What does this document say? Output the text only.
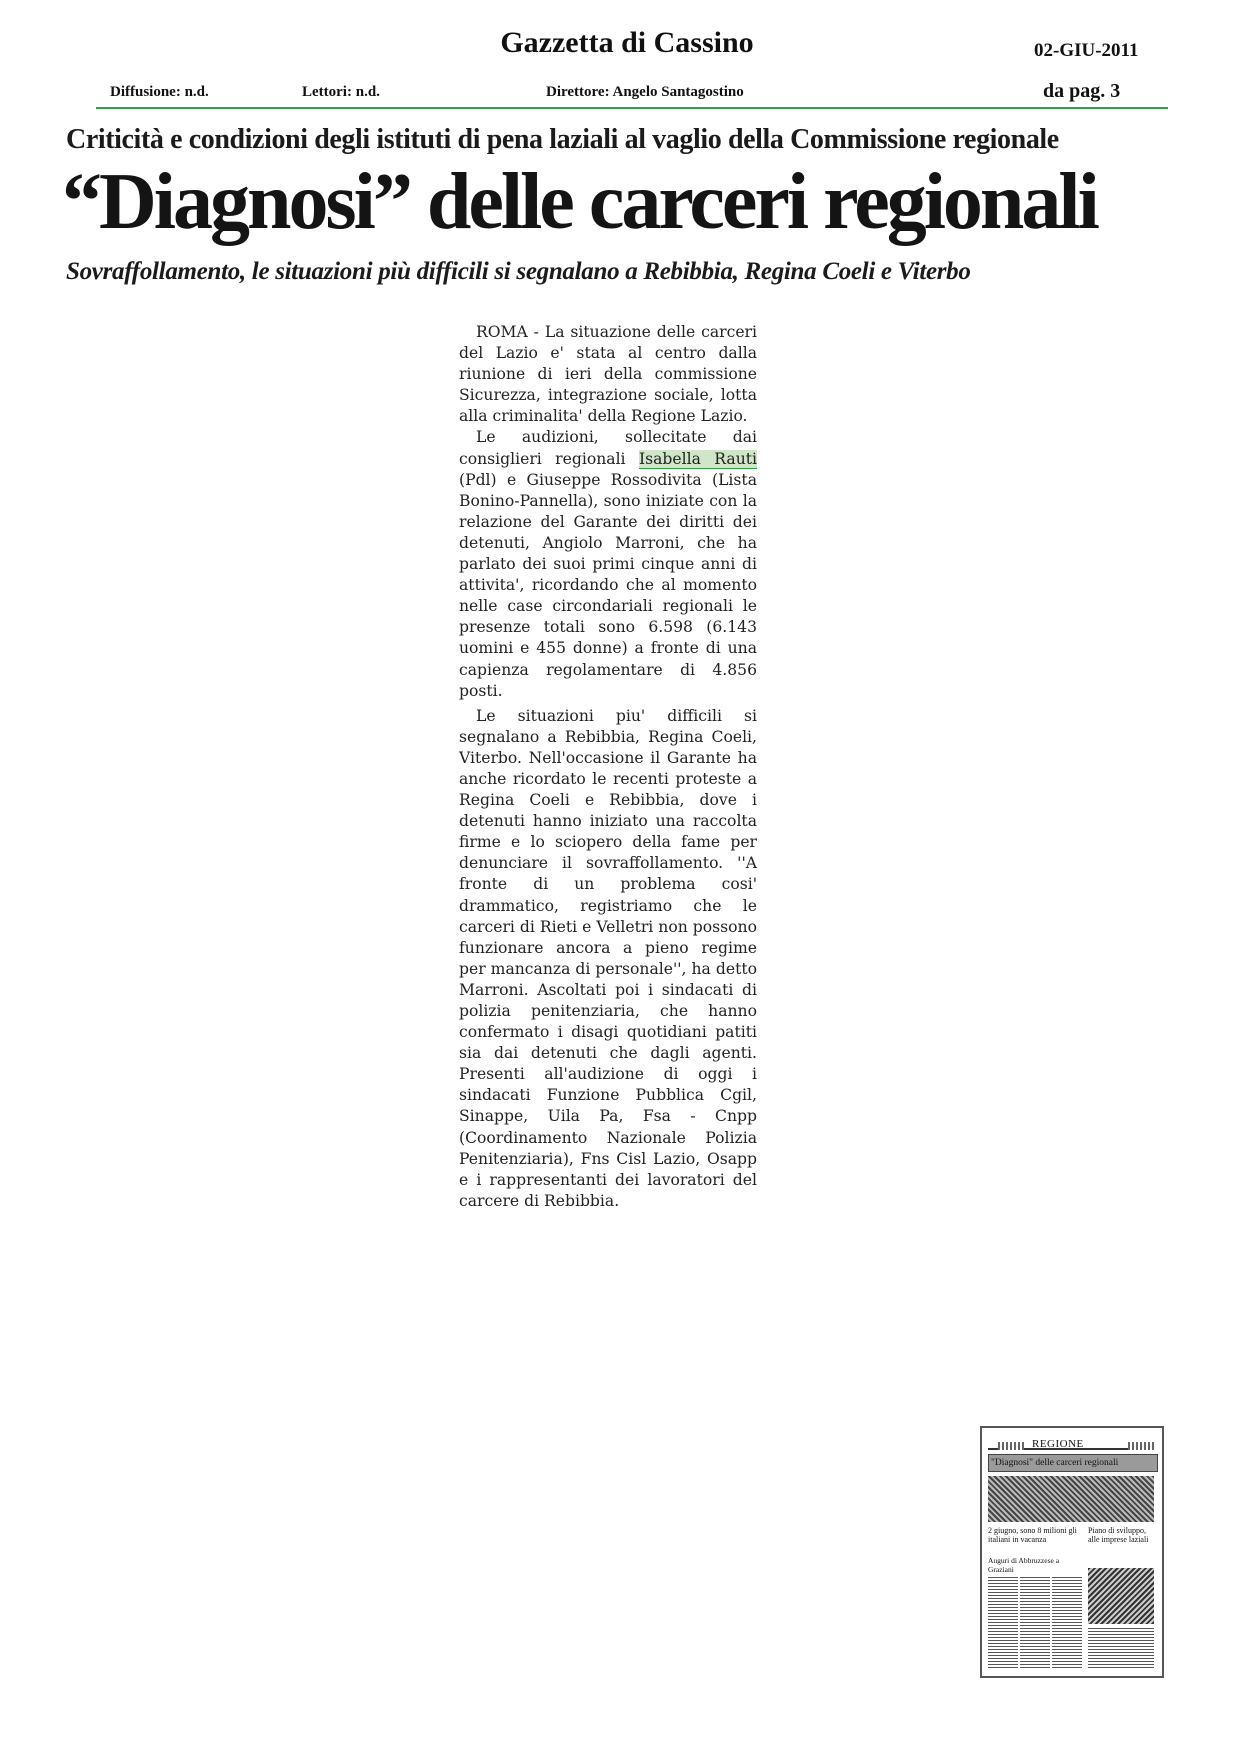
Gazzetta di Cassino	02-GIU-2011
Diffusione: n.d.	Lettori: n.d.	Direttore: Angelo Santagostino	da pag. 3
Criticità e condizioni degli istituti di pena laziali al vaglio della Commissione regionale
“Diagnosi” delle carceri regionali
Sovraffollamento, le situazioni più difficili si segnalano a Rebibbia, Regina Coeli e Viterbo

ROMA - La situazione delle carceri del Lazio e' stata al centro dalla riunione di ieri della commissione Sicurezza, integrazione sociale, lotta alla criminalita' della Regione Lazio.

Le audizioni, sollecitate dai consiglieri regionali Isabella Rauti (Pdl) e Giuseppe Rossodivita (Lista Bonino-Pannella), sono iniziate con la relazione del Garante dei diritti dei detenuti, Angiolo Marroni, che ha parlato dei suoi primi cinque anni di attivita', ricordando che al momento nelle case circondariali regionali le presenze totali sono 6.598 (6.143 uomini e 455 donne) a fronte di una capienza regolamentare di 4.856 posti.

Le situazioni piu' difficili si segnalano a Rebibbia, Regina Coeli, Viterbo. Nell'occasione il Garante ha anche ricordato le recenti proteste a Regina Coeli e Rebibbia, dove i detenuti hanno iniziato una raccolta firme e lo sciopero della fame per denunciare il sovraffollamento. ''A fronte di un problema cosi' drammatico, registriamo che le carceri di Rieti e Velletri non possono funzionare ancora a pieno regime per mancanza di personale'', ha detto Marroni. Ascoltati poi i sindacati di polizia penitenziaria, che hanno confermato i disagi quotidiani patiti sia dai detenuti che dagli agenti. Presenti all'audizione di oggi i sindacati Funzione Pubblica Cgil, Sinappe, Uila Pa, Fsa - Cnpp (Coordinamento Nazionale Polizia Penitenziaria), Fns Cisl Lazio, Osapp e i rappresentanti dei lavoratori del carcere di Rebibbia.

REGIONE
"Diagnosi" delle carceri regionali
2 giugno, sono 8 milioni gli italiani in vacanza
Piano di sviluppo, alle imprese laziali
Auguri di Abbruzzese a Graziani
